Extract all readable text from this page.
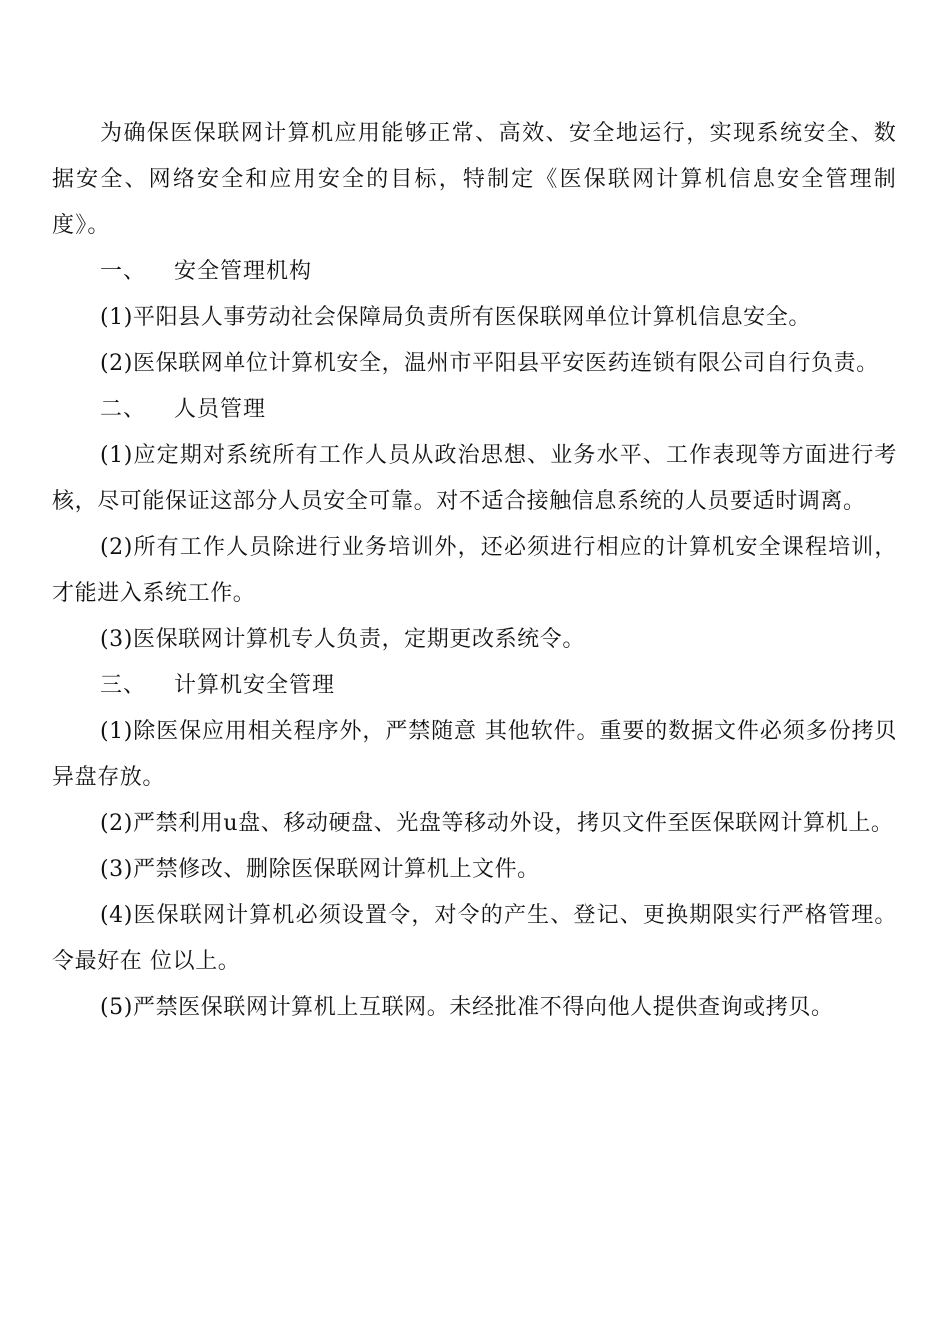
为确保医保联网计算机应用能够正常、高效、安全地运行，实现系统安全、数据安全、网络安全和应用安全的目标，特制定《医保联网计算机信息安全管理制度》。

一、 安全管理机构

(1)平阳县人事劳动社会保障局负责所有医保联网单位计算机信息安全。

(2)医保联网单位计算机安全，温州市平阳县平安医药连锁有限公司自行负责。

二、 人员管理

(1)应定期对系统所有工作人员从政治思想、业务水平、工作表现等方面进行考核，尽可能保证这部分人员安全可靠。对不适合接触信息系统的人员要适时调离。

(2)所有工作人员除进行业务培训外，还必须进行相应的计算机安全课程培训，才能进入系统工作。

(3)医保联网计算机专人负责，定期更改系统令。

三、 计算机安全管理

(1)除医保应用相关程序外，严禁随意 其他软件。重要的数据文件必须多份拷贝异盘存放。

(2)严禁利用u盘、移动硬盘、光盘等移动外设，拷贝文件至医保联网计算机上。

(3)严禁修改、删除医保联网计算机上文件。

(4)医保联网计算机必须设置令，对令的产生、登记、更换期限实行严格管理。令最好在 位以上。

(5)严禁医保联网计算机上互联网。未经批准不得向他人提供查询或拷贝。
